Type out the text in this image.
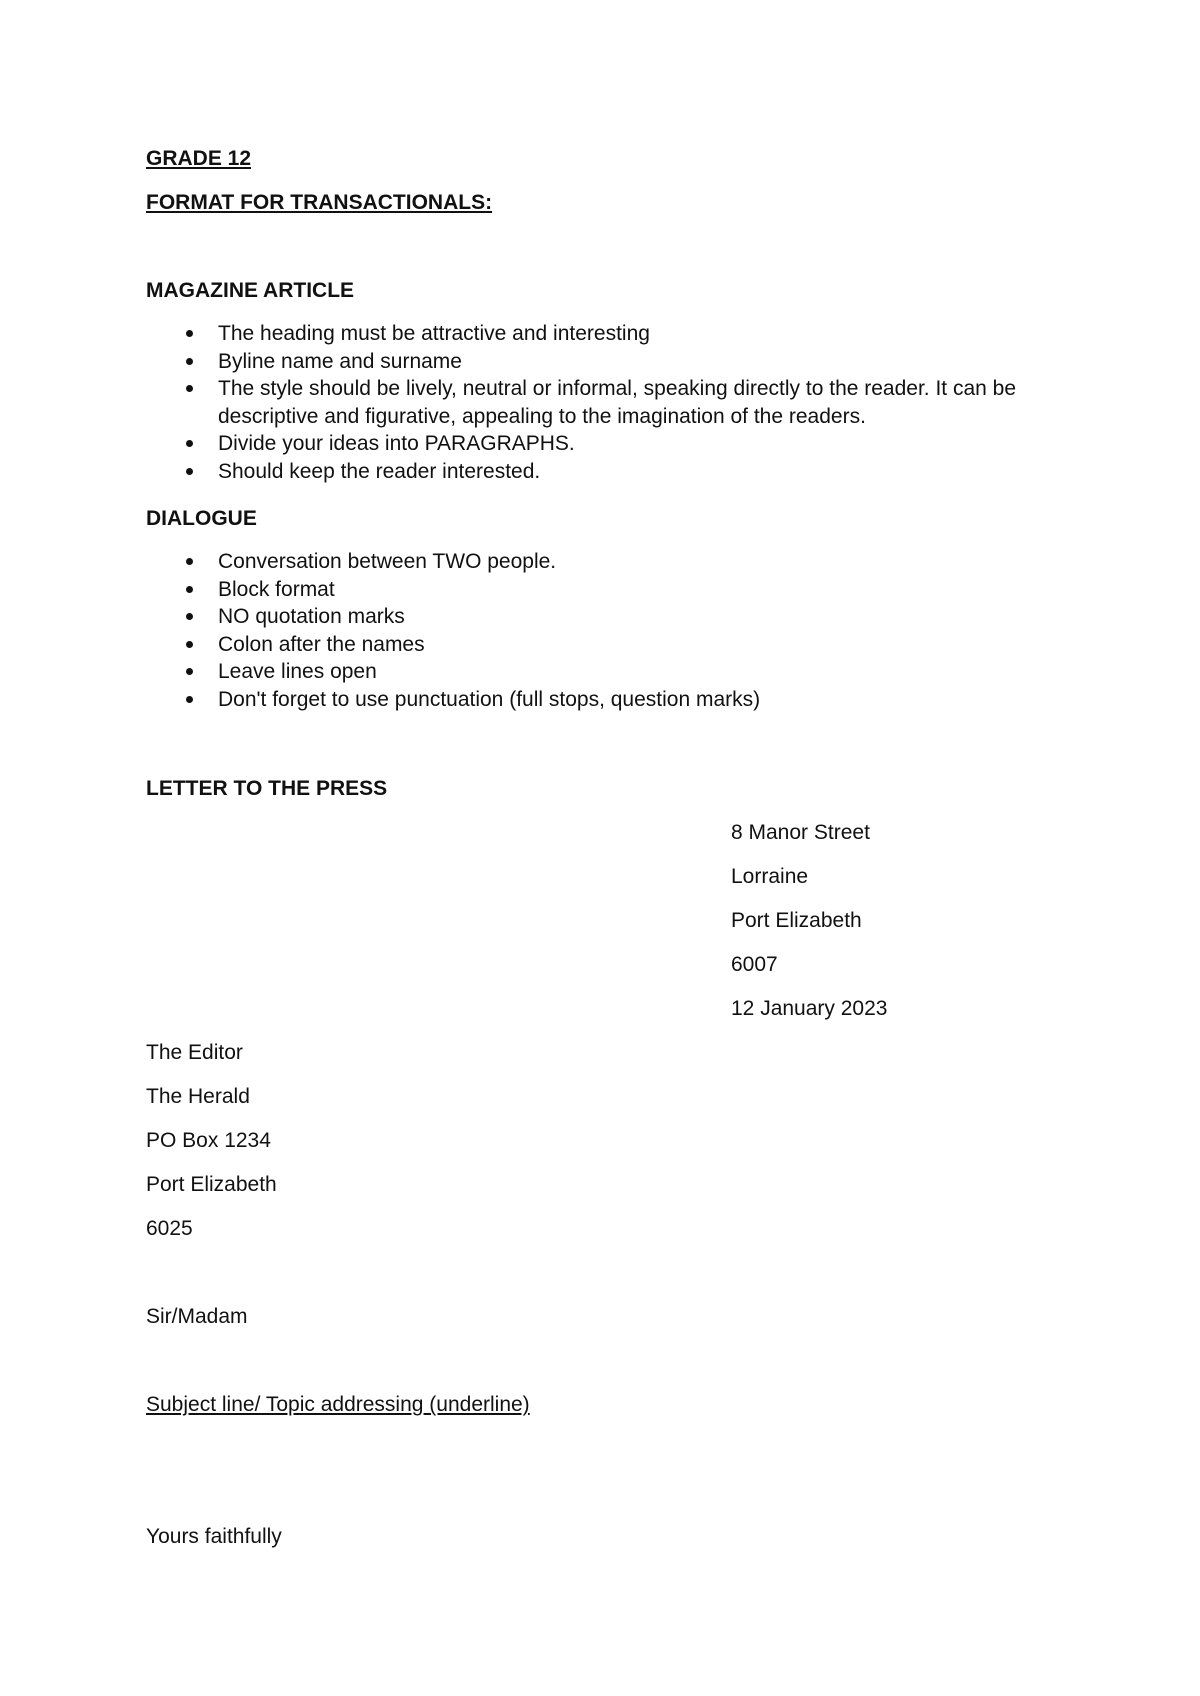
GRADE 12

FORMAT FOR TRANSACTIONALS:

MAGAZINE ARTICLE

The heading must be attractive and interesting
Byline name and surname
The style should be lively, neutral or informal, speaking directly to the reader. It can be descriptive and figurative, appealing to the imagination of the readers.
Divide your ideas into PARAGRAPHS.
Should keep the reader interested.

DIALOGUE

Conversation between TWO people.
Block format
NO quotation marks
Colon after the names
Leave lines open
Don't forget to use punctuation (full stops, question marks)

LETTER TO THE PRESS

8 Manor Street

Lorraine

Port Elizabeth

6007

12 January 2023

The Editor

The Herald

PO Box 1234

Port Elizabeth

6025

Sir/Madam

Subject line/ Topic addressing (underline)

Yours faithfully
